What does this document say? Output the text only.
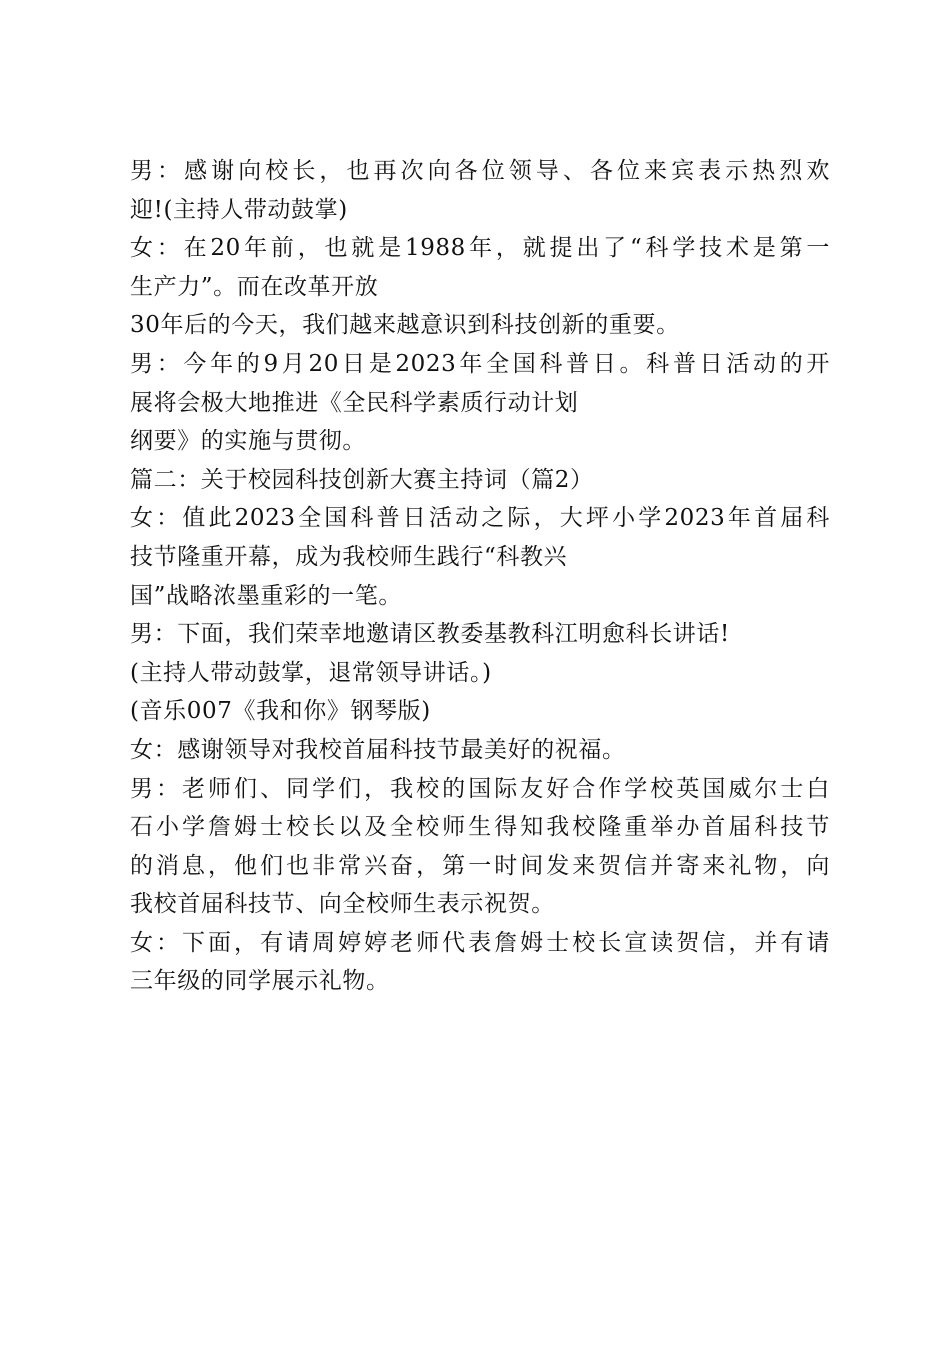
男：感谢向校长，也再次向各位领导、各位来宾表示热烈欢
迎!(主持人带动鼓掌)
女：在20年前，也就是1988年，就提出了“科学技术是第一
生产力”。而在改革开放
30年后的今天，我们越来越意识到科技创新的重要。
男：今年的9月20日是2023年全国科普日。科普日活动的开
展将会极大地推进《全民科学素质行动计划
纲要》的实施与贯彻。
篇二：关于校园科技创新大赛主持词（篇2）
女：值此2023全国科普日活动之际，大坪小学2023年首届科
技节隆重开幕，成为我校师生践行“科教兴
国”战略浓墨重彩的一笔。
男：下面，我们荣幸地邀请区教委基教科江明愈科长讲话!
(主持人带动鼓掌，退常领导讲话。)
(音乐007《我和你》钢琴版)
女：感谢领导对我校首届科技节最美好的祝福。
男：老师们、同学们，我校的国际友好合作学校英国威尔士白
石小学詹姆士校长以及全校师生得知我校隆重举办首届科技节
的消息，他们也非常兴奋，第一时间发来贺信并寄来礼物，向
我校首届科技节、向全校师生表示祝贺。
女：下面，有请周婷婷老师代表詹姆士校长宣读贺信，并有请
三年级的同学展示礼物。
